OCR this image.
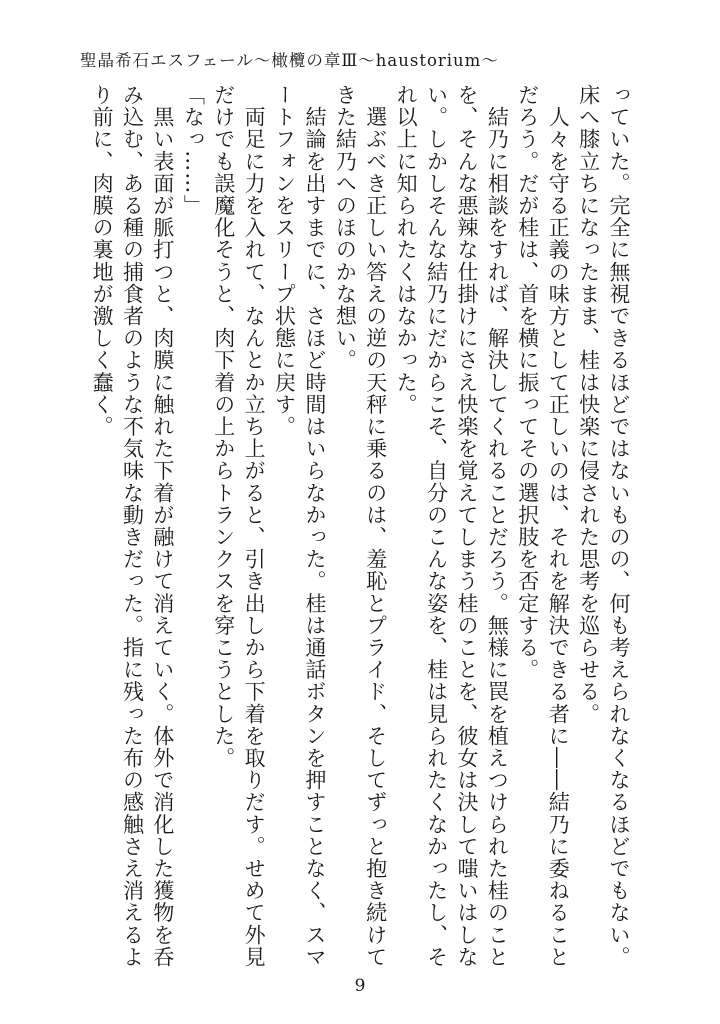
聖晶希石エスフェール〜橄欖の章Ⅲ〜haustorium〜
っていた。完全に無視できるほどではないものの、何も考えられなくなるほどでもない。
床へ膝立ちになったまま、桂は快楽に侵された思考を巡らせる。
　人々を守る正義の味方として正しいのは、それを解決できる者に――結乃に委ねること
だろう。だが桂は、首を横に振ってその選択肢を否定する。
　結乃に相談をすれば、解決してくれることだろう。無様に罠を植えつけられた桂のこと
を、そんな悪辣な仕掛けにさえ快楽を覚えてしまう桂のことを、彼女は決して嗤いはしな
い。しかしそんな結乃にだからこそ、自分のこんな姿を、桂は見られたくなかったし、そ
れ以上に知られたくはなかった。
　選ぶべき正しい答えの逆の天秤に乗るのは、羞恥とプライド、そしてずっと抱き続けて
きた結乃へのほのかな想い。
　結論を出すまでに、さほど時間はいらなかった。桂は通話ボタンを押すことなく、スマ
ートフォンをスリープ状態に戻す。
　両足に力を入れて、なんとか立ち上がると、引き出しから下着を取りだす。せめて外見
だけでも誤魔化そうと、肉下着の上からトランクスを穿こうとした。
「なっ……」
　黒い表面が脈打つと、肉膜に触れた下着が融けて消えていく。体外で消化した獲物を呑
み込む、ある種の捕食者のような不気味な動きだった。指に残った布の感触さえ消えるよ
り前に、肉膜の裏地が激しく蠢く。
9
